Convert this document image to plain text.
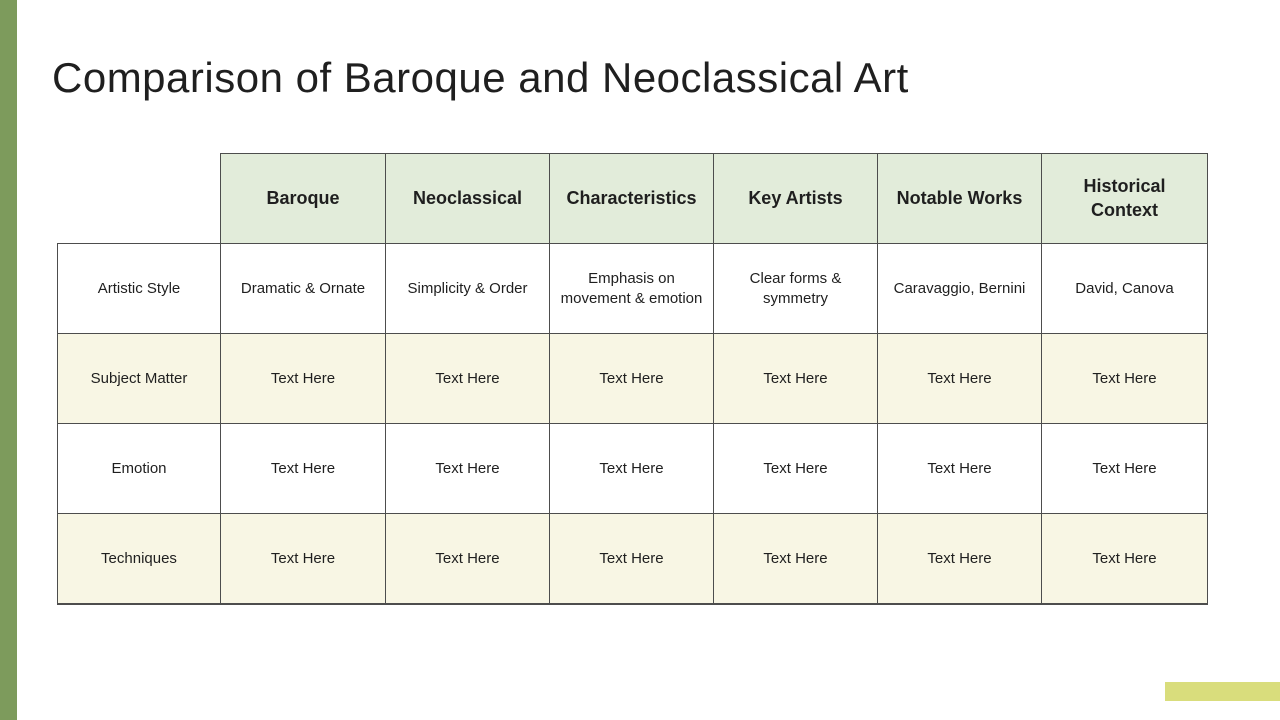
Comparison of Baroque and Neoclassical Art
	Baroque	Neoclassical	Characteristics	Key Artists	Notable Works	Historical Context
Artistic Style	Dramatic & Ornate	Simplicity & Order	Emphasis on movement & emotion	Clear forms & symmetry	Caravaggio, Bernini	David, Canova
Subject Matter	Text Here	Text Here	Text Here	Text Here	Text Here	Text Here
Emotion	Text Here	Text Here	Text Here	Text Here	Text Here	Text Here
Techniques	Text Here	Text Here	Text Here	Text Here	Text Here	Text Here
